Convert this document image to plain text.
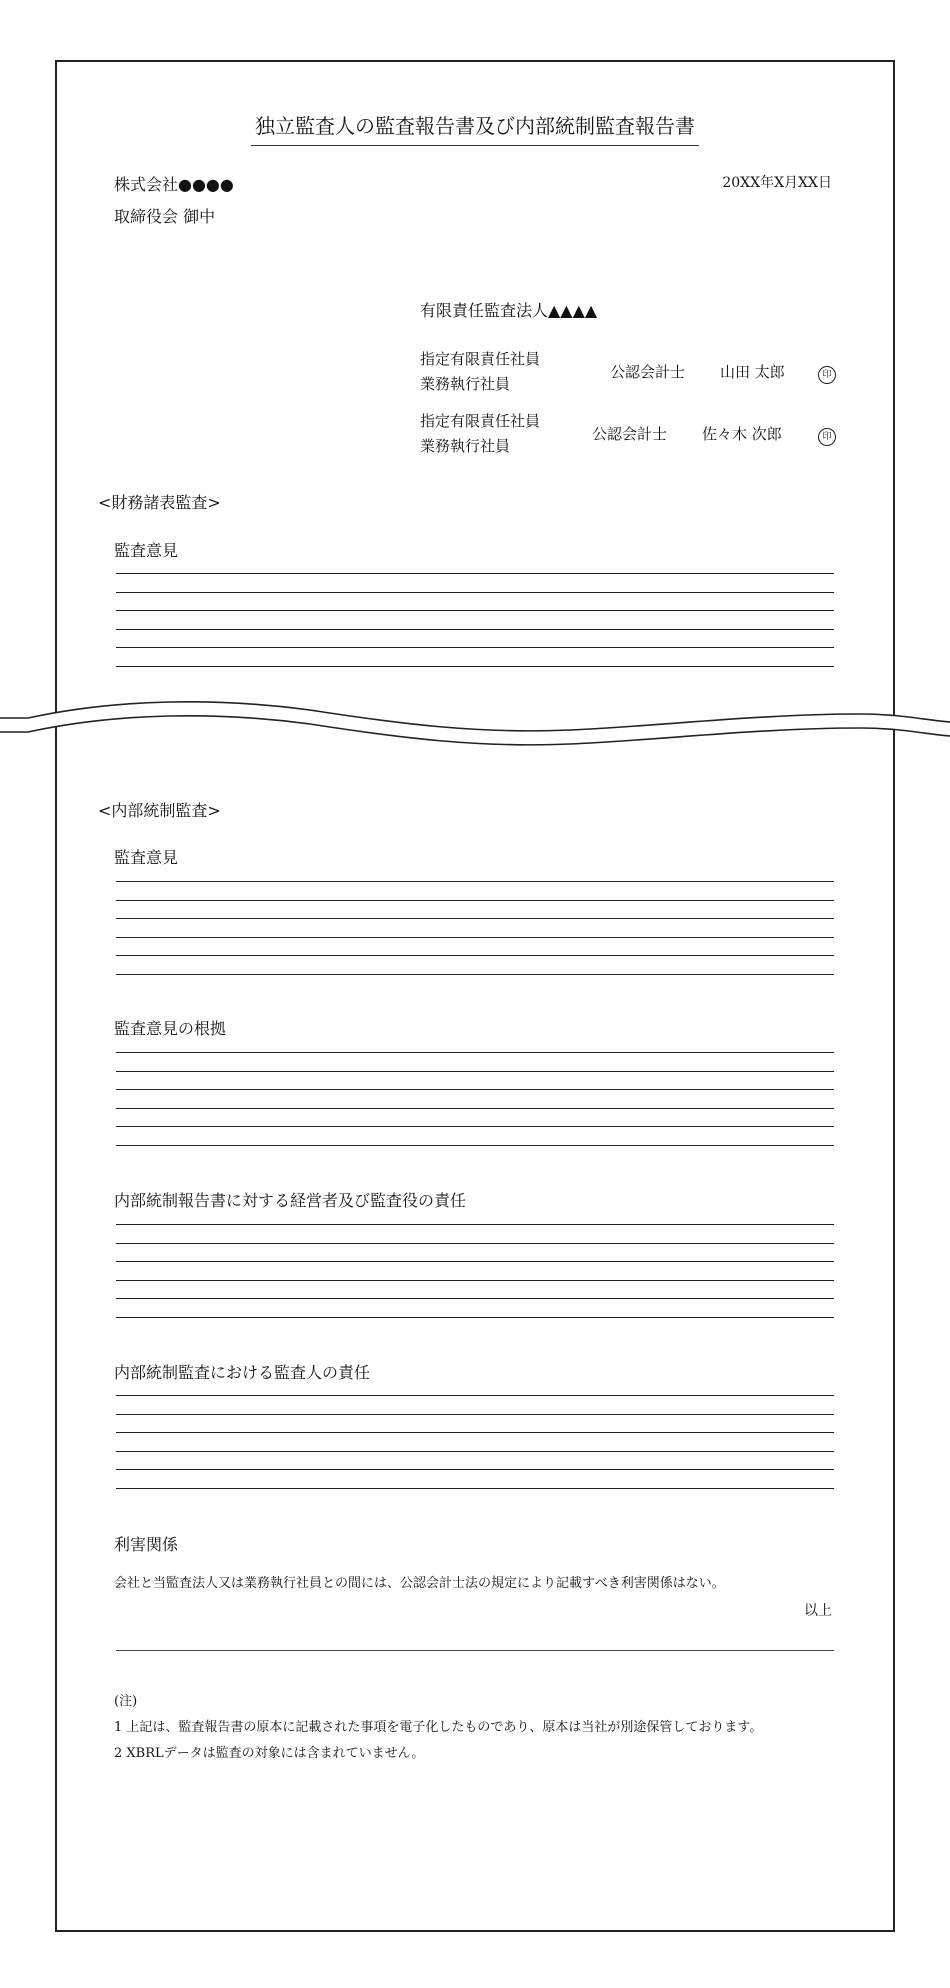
独立監査人の監査報告書及び内部統制監査報告書
株式会社●●●●
取締役会 御中
20XX年X月XX日
有限責任監査法人▲▲▲▲
指定有限責任社員
業務執行社員
公認会計士 山田 太郎	印
指定有限責任社員
業務執行社員
公認会計士 佐々木 次郎	印
<財務諸表監査>
監査意見
<内部統制監査>
監査意見
監査意見の根拠
内部統制報告書に対する経営者及び監査役の責任
内部統制監査における監査人の責任
利害関係
会社と当監査法人又は業務執行社員との間には、公認会計士法の規定により記載すべき利害関係はない。
以上
(注)
1 上記は、監査報告書の原本に記載された事項を電子化したものであり、原本は当社が別途保管しております。
2 XBRLデータは監査の対象には含まれていません。
